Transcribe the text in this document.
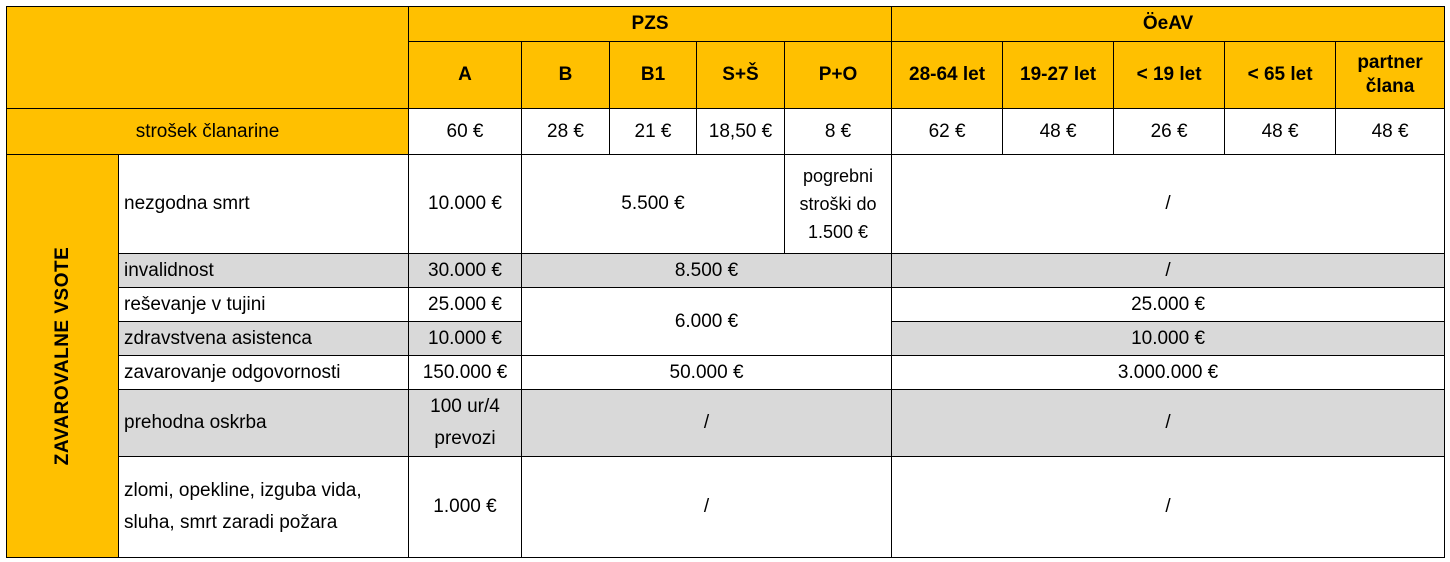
		PZS					ÖeAV				
		A	B	B1	S+Š	P+O	28-64 let	19-27 let	< 19 let	< 65 let	partner člana
strošek članarine		60 €	28 €	21 €	18,50 €	8 €	62 €	48 €	26 €	48 €	48 €

ZAVAROVALNE VSOTE	nezgodna smrt	10.000 €	5.500 €			pogrebni stroški do 1.500 €	/				
	invalidnost	30.000 €	8.500 €				/				
	reševanje v tujini	25.000 €	6.000 €				25.000 €				
	zdravstvena asistenca	10.000 €					10.000 €				
	zavarovanje odgovornosti	150.000 €	50.000 €				3.000.000 €				
	prehodna oskrba	100 ur/4 prevozi	/				/				
	zlomi, opekline, izguba vida, sluha, smrt zaradi požara	1.000 €	/				/				
